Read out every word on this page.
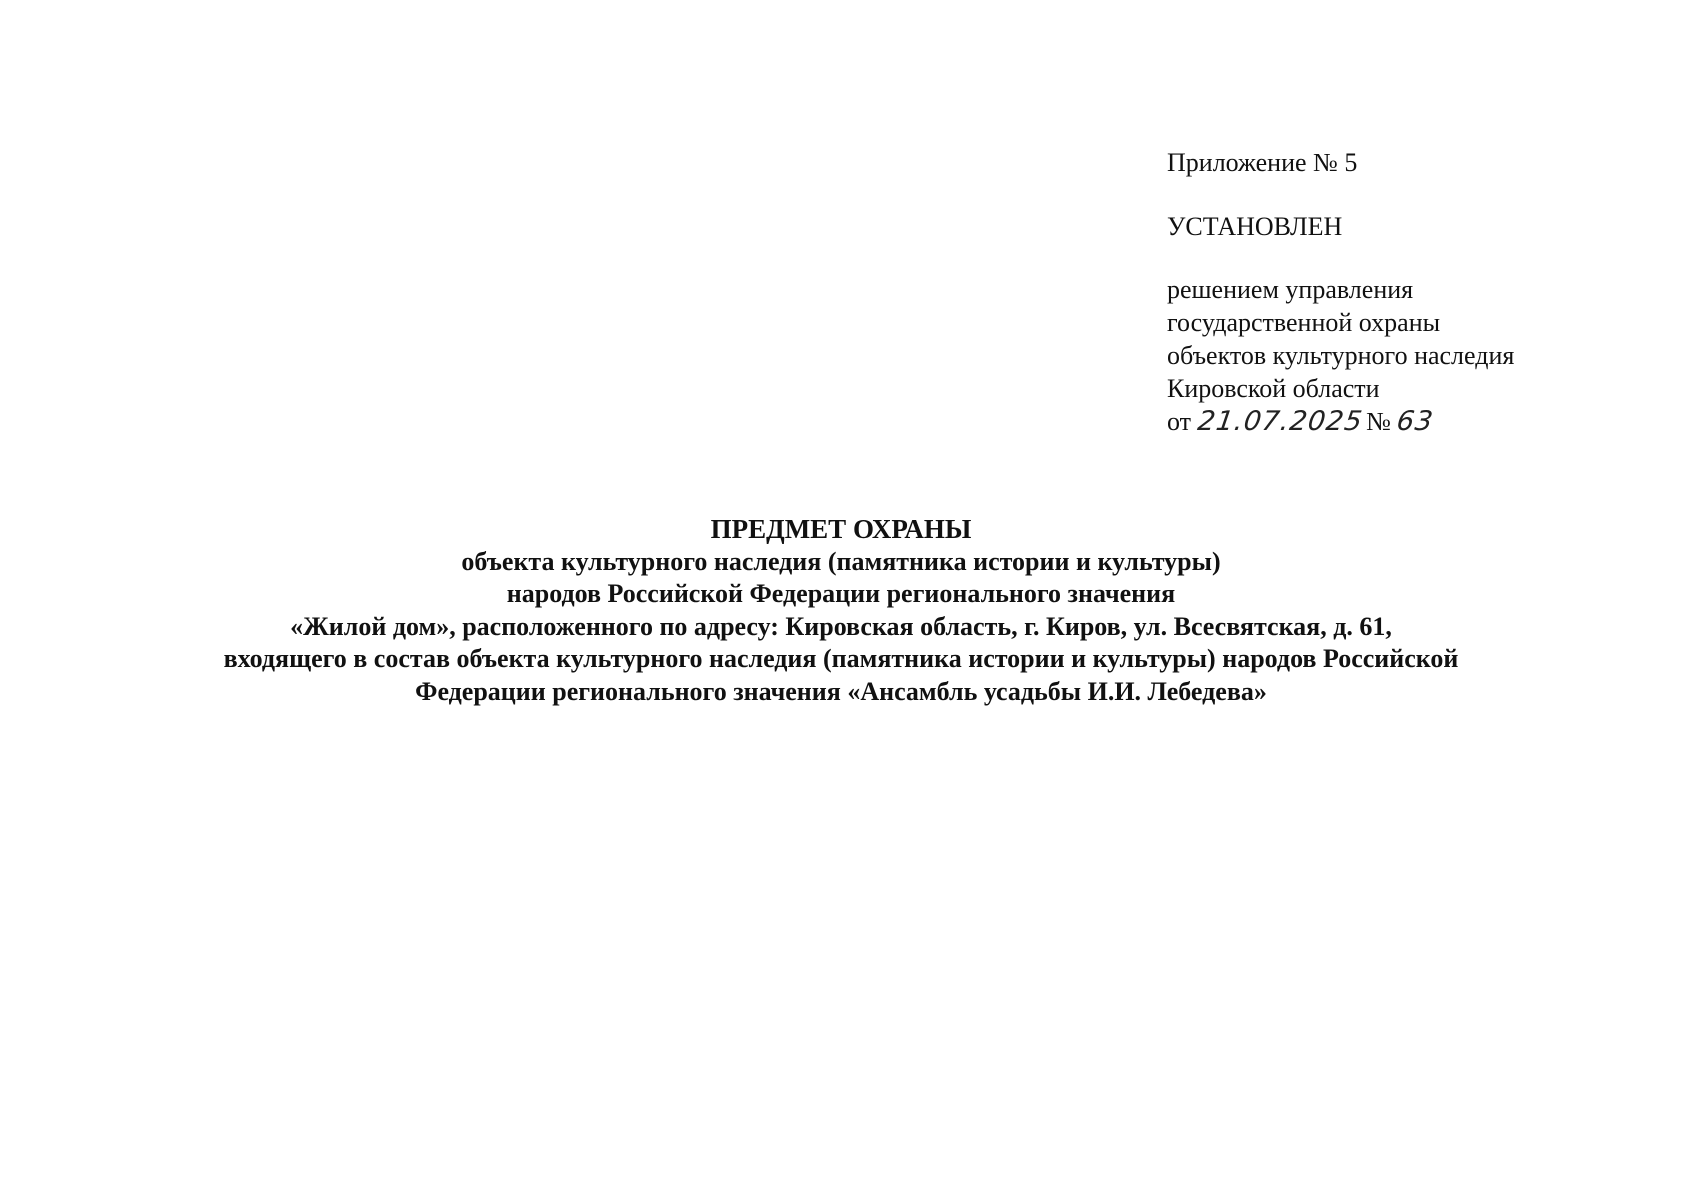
Приложение № 5
УСТАНОВЛЕН
решением управления
государственной охраны
объектов культурного наследия
Кировской области
от 21.07.2025№ 63
ПРЕДМЕТ ОХРАНЫ
объекта культурного наследия (памятника истории и культуры)
народов Российской Федерации регионального значения
«Жилой дом», расположенного по адресу: Кировская область, г. Киров, ул. Всесвятская, д. 61,
входящего в состав объекта культурного наследия (памятника истории и культуры) народов Российской
Федерации регионального значения «Ансамбль усадьбы И.И. Лебедева»
